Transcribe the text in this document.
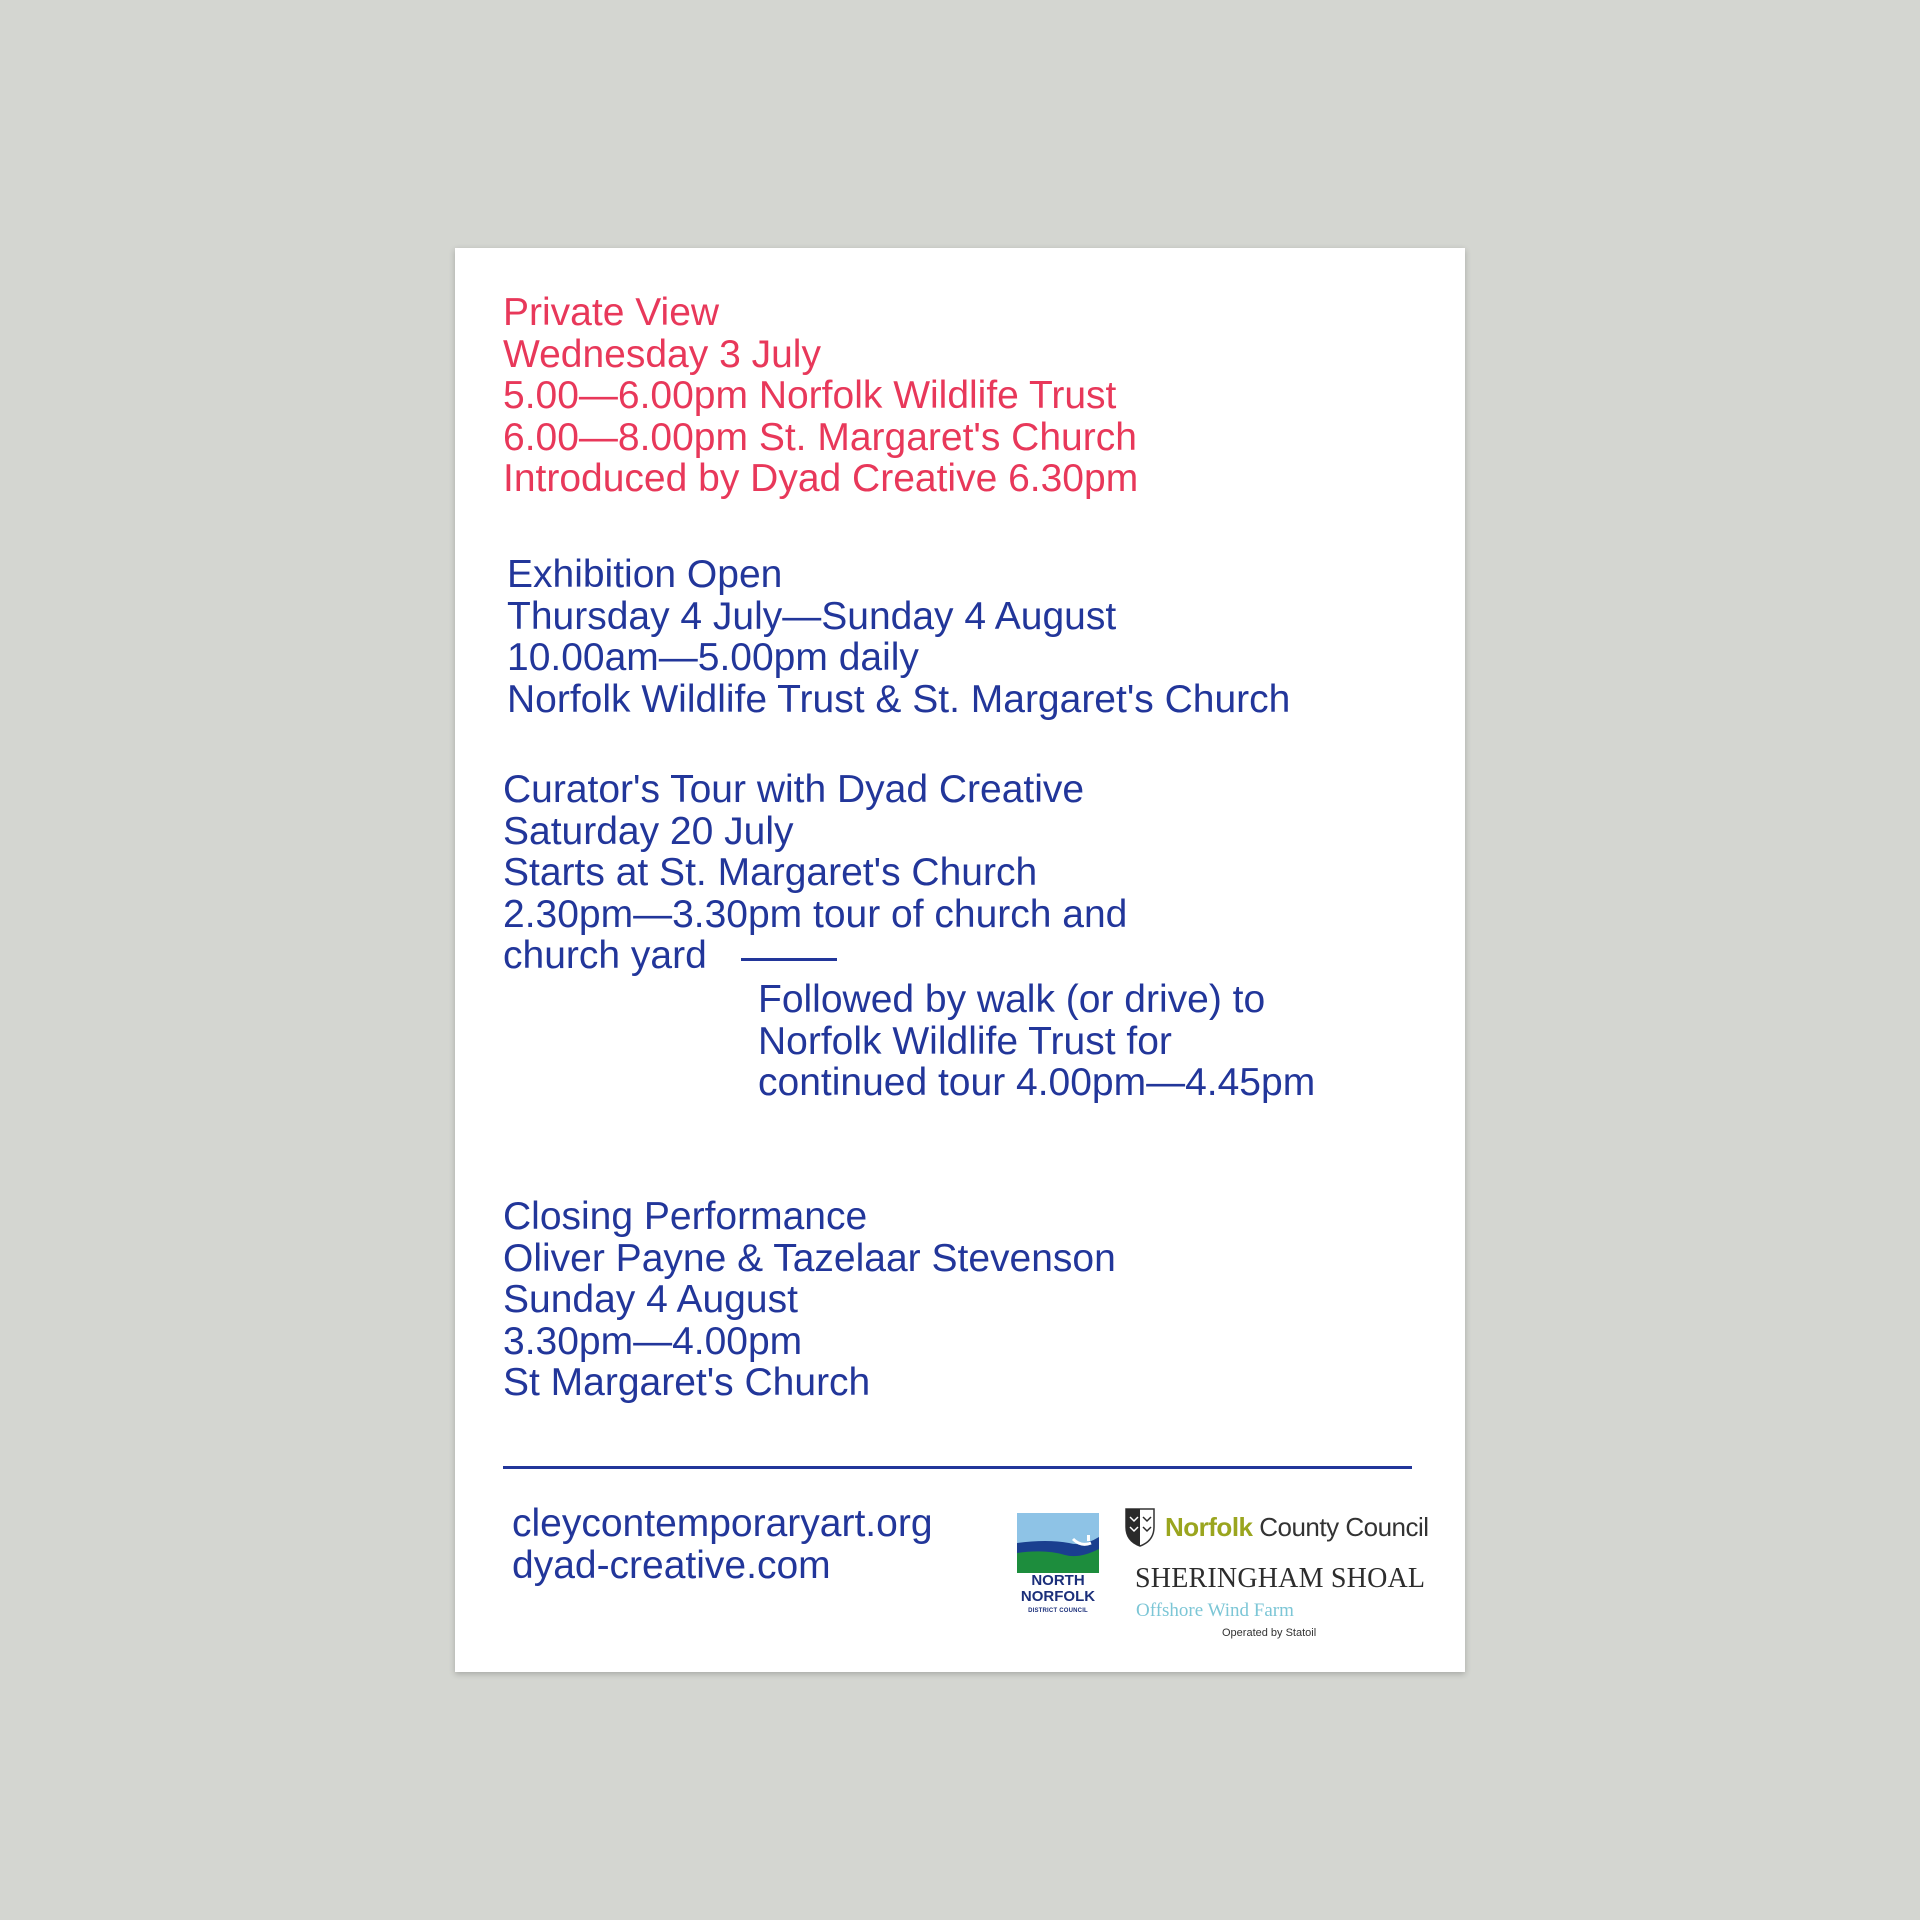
Private View
Wednesday 3 July
5.00—6.00pm Norfolk Wildlife Trust
6.00—8.00pm St. Margaret's Church
Introduced by Dyad Creative 6.30pm
Exhibition Open
Thursday 4 July—Sunday 4 August
10.00am—5.00pm daily
Norfolk Wildlife Trust & St. Margaret's Church
Curator's Tour with Dyad Creative
Saturday 20 July
Starts at St. Margaret's Church
2.30pm—3.30pm tour of church and
church yard
Followed by walk (or drive) to
Norfolk Wildlife Trust for
continued tour 4.00pm—4.45pm
Closing Performance
Oliver Payne & Tazelaar Stevenson
Sunday 4 August
3.30pm—4.00pm
St Margaret's Church
cleycontemporaryart.org
dyad-creative.com	NORTH
NORFOLK
DISTRICT COUNCIL
Norfolk County Council
SHERINGHAM SHOAL
Offshore Wind Farm
Operated by Statoil
